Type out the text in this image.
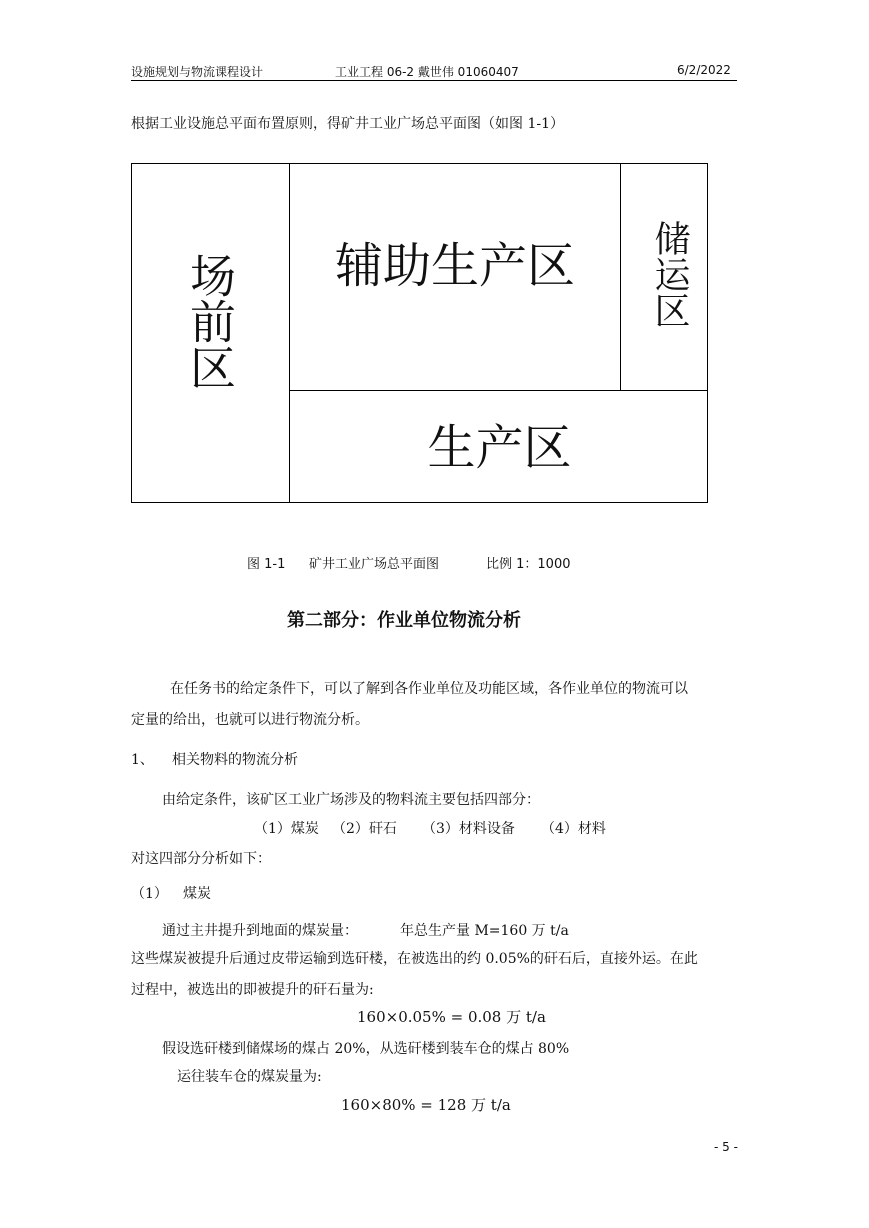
设施规划与物流课程设计	工业工程 06-2 戴世伟 01060407	6/2/2022
根据工业设施总平面布置原则，得矿井工业广场总平面图（如图 1-1）
场前区	辅助生产区	储运区
生产区
图 1-1 矿井工业广场总平面图	比例 1：1000
第二部分：作业单位物流分析
在任务书的给定条件下，可以了解到各作业单位及功能区域，各作业单位的物流可以
定量的给出，也就可以进行物流分析。
1、 相关物料的物流分析
由给定条件，该矿区工业广场涉及的物料流主要包括四部分：
（1）煤炭 （2）矸石 （3）材料设备 （4）材料
对这四部分分析如下：
（1） 煤炭
通过主井提升到地面的煤炭量：	年总生产量 M=160 万 t/a
这些煤炭被提升后通过皮带运输到选矸楼，在被选出的约 0.05%的矸石后，直接外运。在此
过程中，被选出的即被提升的矸石量为:
160×0.05% = 0.08 万 t/a
假设选矸楼到储煤场的煤占 20%，从选矸楼到装车仓的煤占 80%
运往装车仓的煤炭量为:
160×80% = 128 万 t/a
- 5 -
